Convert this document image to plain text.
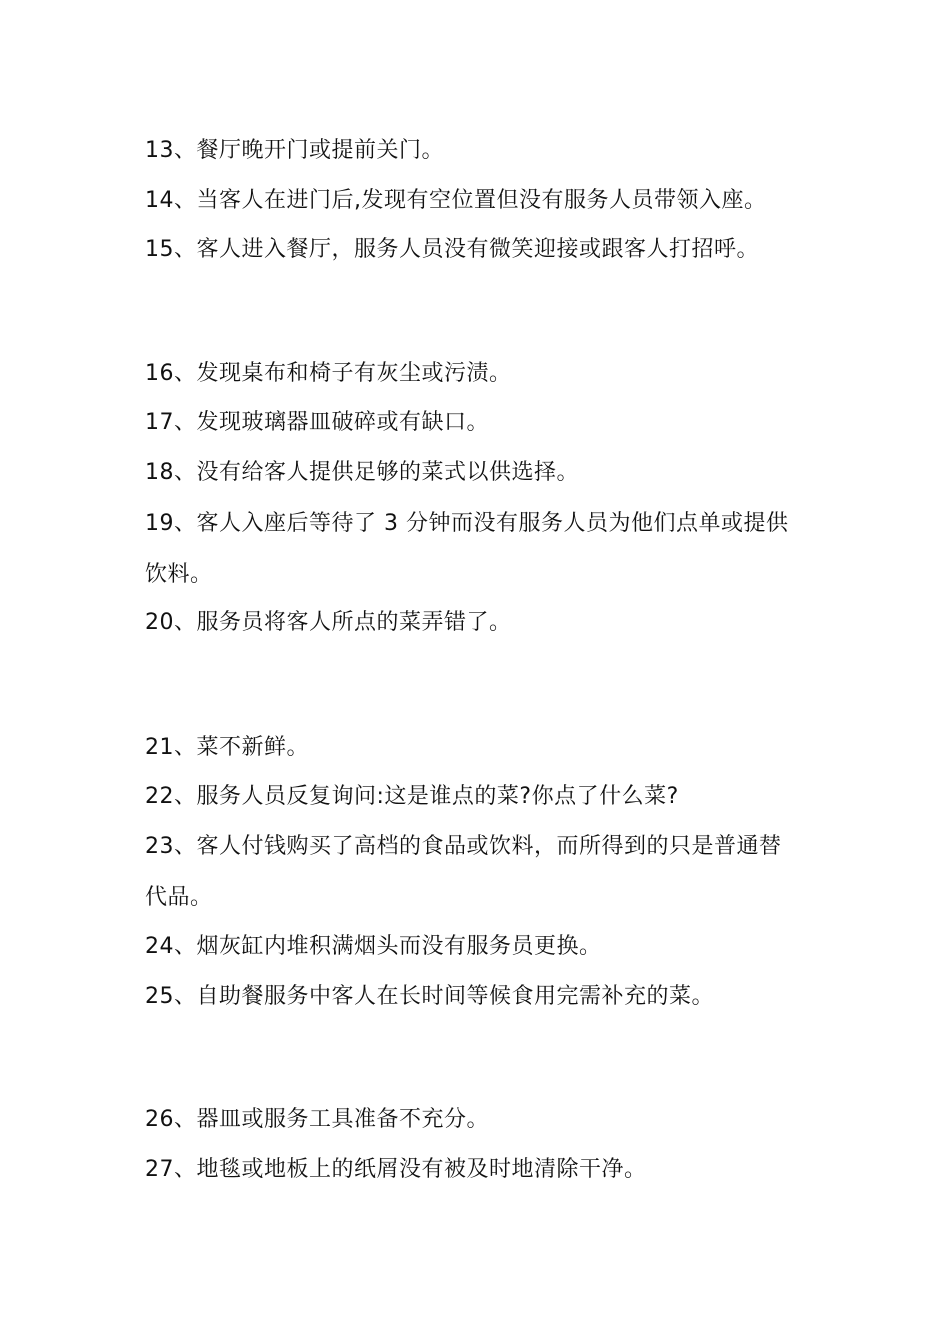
13、餐厅晚开门或提前关门。
14、当客人在进门后,发现有空位置但没有服务人员带领入座。
15、客人进入餐厅，服务人员没有微笑迎接或跟客人打招呼。
16、发现桌布和椅子有灰尘或污渍。
17、发现玻璃器皿破碎或有缺口。
18、没有给客人提供足够的菜式以供选择。
19、客人入座后等待了 3 分钟而没有服务人员为他们点单或提供
饮料。
20、服务员将客人所点的菜弄错了。
21、菜不新鲜。
22、服务人员反复询问:这是谁点的菜?你点了什么菜?
23、客人付钱购买了高档的食品或饮料，而所得到的只是普通替
代品。
24、烟灰缸内堆积满烟头而没有服务员更换。
25、自助餐服务中客人在长时间等候食用完需补充的菜。
26、器皿或服务工具准备不充分。
27、地毯或地板上的纸屑没有被及时地清除干净。
